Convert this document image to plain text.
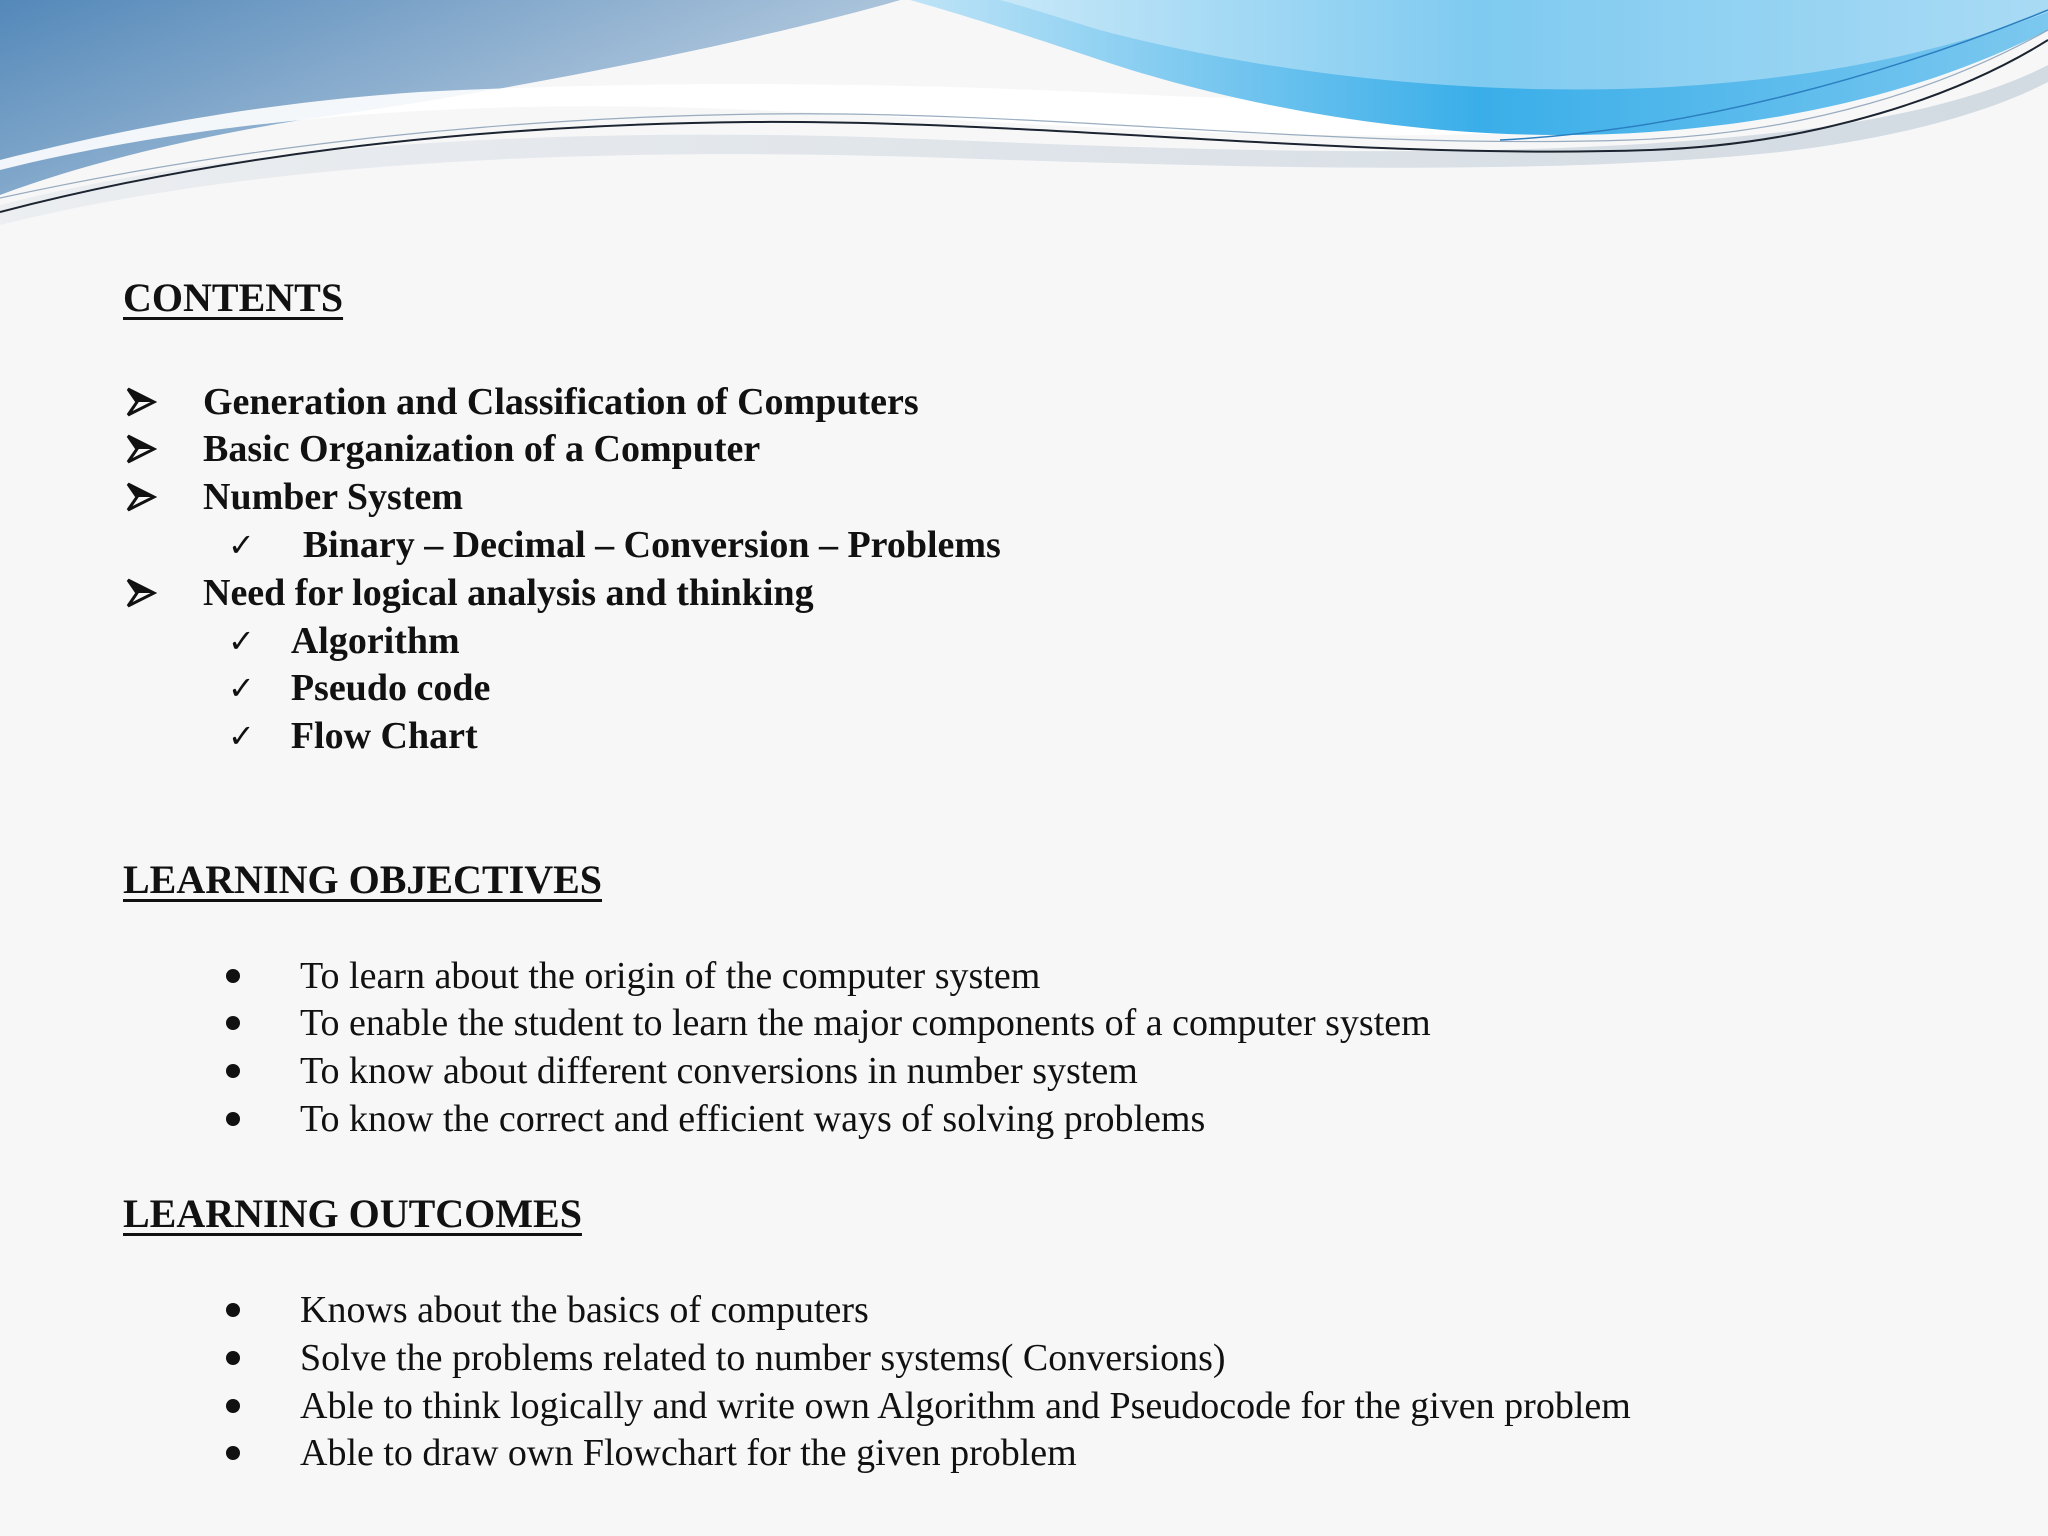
CONTENTS
Generation and Classification of Computers
Basic Organization of a Computer
Number System
✓ Binary – Decimal – Conversion – Problems
Need for logical analysis and thinking
✓ Algorithm
✓ Pseudo code
✓ Flow Chart
LEARNING OBJECTIVES
To learn about the origin of the computer system
To enable the student to learn the major components of a computer system
To know about different conversions in number system
To know the correct and efficient ways of solving problems
LEARNING OUTCOMES
Knows about the basics of computers
Solve the problems related to number systems( Conversions)
Able to think logically and write own Algorithm and Pseudocode for the given problem
Able to draw own Flowchart for the given problem
